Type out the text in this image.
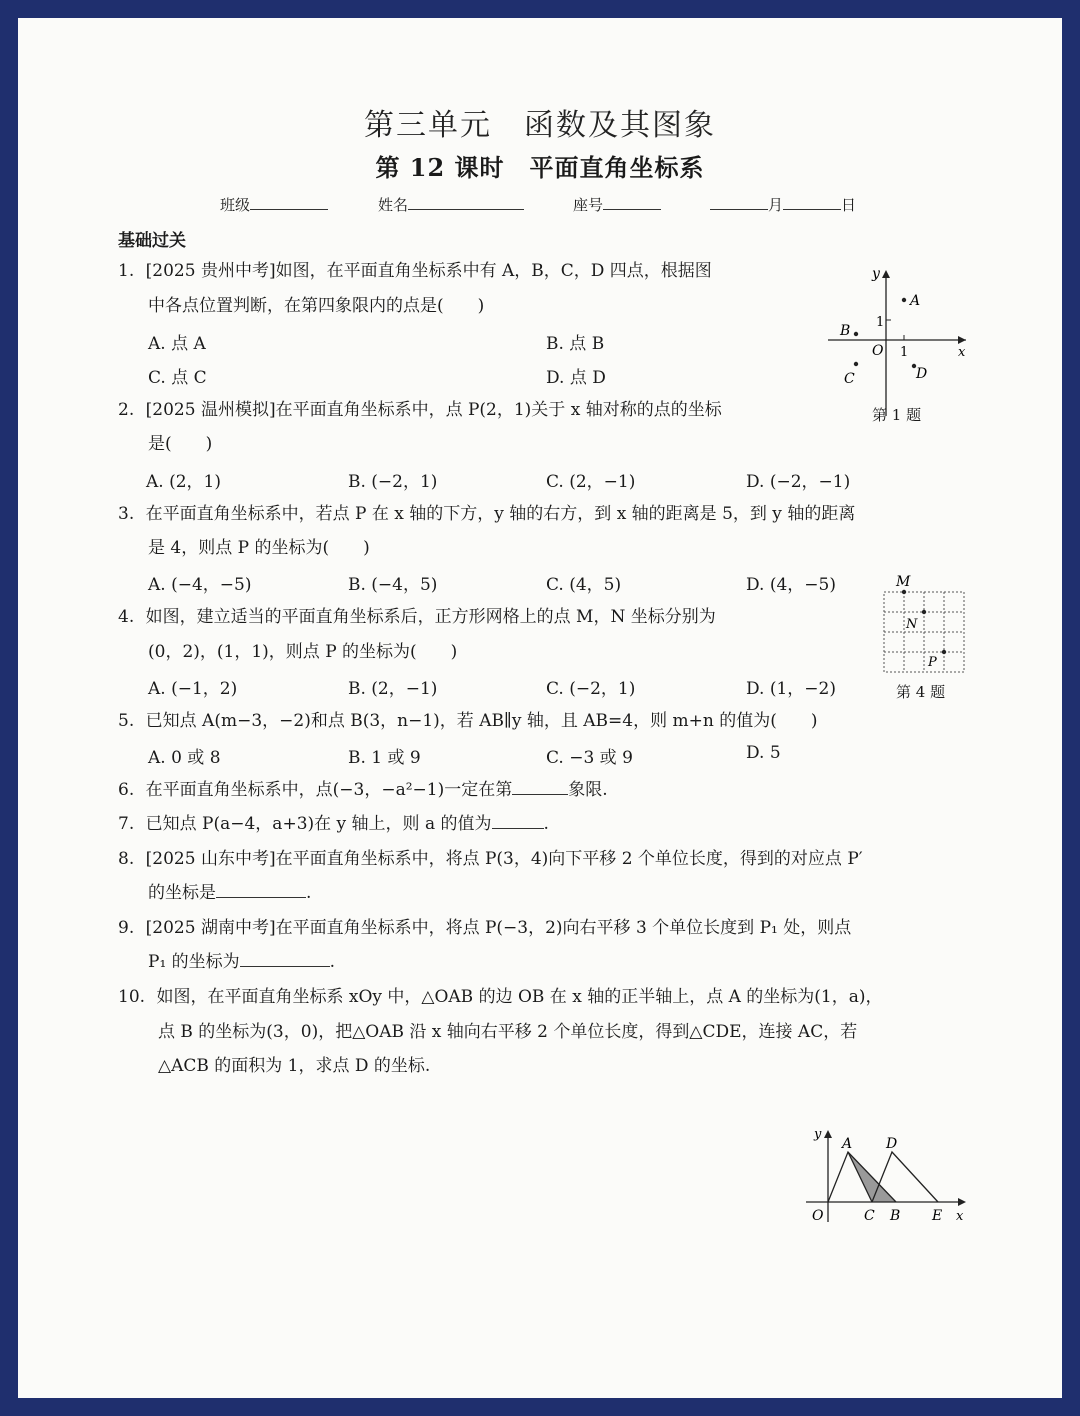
第三单元　函数及其图象
第 12 课时　平面直角坐标系
班级	姓名	座号	月	日
基础过关
1. [2025 贵州中考]如图，在平面直角坐标系中有 A，B，C，D 四点，根据图
中各点位置判断，在第四象限内的点是(　　)
A. 点 A	B. 点 B
C. 点 C	D. 点 D
y
x
O
1
1
A
B
C	D
第 1 题
2. [2025 温州模拟]在平面直角坐标系中，点 P(2，1)关于 x 轴对称的点的坐标
是(　　)
A. (2，1)	B. (−2，1)	C. (2，−1)	D. (−2，−1)
3. 在平面直角坐标系中，若点 P 在 x 轴的下方，y 轴的右方，到 x 轴的距离是 5，到 y 轴的距离
是 4，则点 P 的坐标为(　　)
A. (−4，−5)	B. (−4，5)	C. (4，5)	D. (4，−5)	M
N
P
第 4 题
4. 如图，建立适当的平面直角坐标系后，正方形网格上的点 M，N 坐标分别为
(0，2)，(1，1)，则点 P 的坐标为(　　)
A. (−1，2)	B. (2，−1)	C. (−2，1)	D. (1，−2)
5. 已知点 A(m−3，−2)和点 B(3，n−1)，若 AB∥y 轴，且 AB=4，则 m+n 的值为(　　)
A. 0 或 8	B. 1 或 9	C. −3 或 9	D. 5
6. 在平面直角坐标系中，点(−3，−a²−1)一定在第	象限.
7. 已知点 P(a−4，a+3)在 y 轴上，则 a 的值为	.
8. [2025 山东中考]在平面直角坐标系中，将点 P(3，4)向下平移 2 个单位长度，得到的对应点 P′
的坐标是	.
9. [2025 湖南中考]在平面直角坐标系中，将点 P(−3，2)向右平移 3 个单位长度到 P₁ 处，则点
P₁ 的坐标为	.
10. 如图，在平面直角坐标系 xOy 中，△OAB 的边 OB 在 x 轴的正半轴上，点 A 的坐标为(1，a)，
点 B 的坐标为(3，0)，把△OAB 沿 x 轴向右平移 2 个单位长度，得到△CDE，连接 AC，若
△ACB 的面积为 1，求点 D 的坐标.
y
x
O
A D
C B E
